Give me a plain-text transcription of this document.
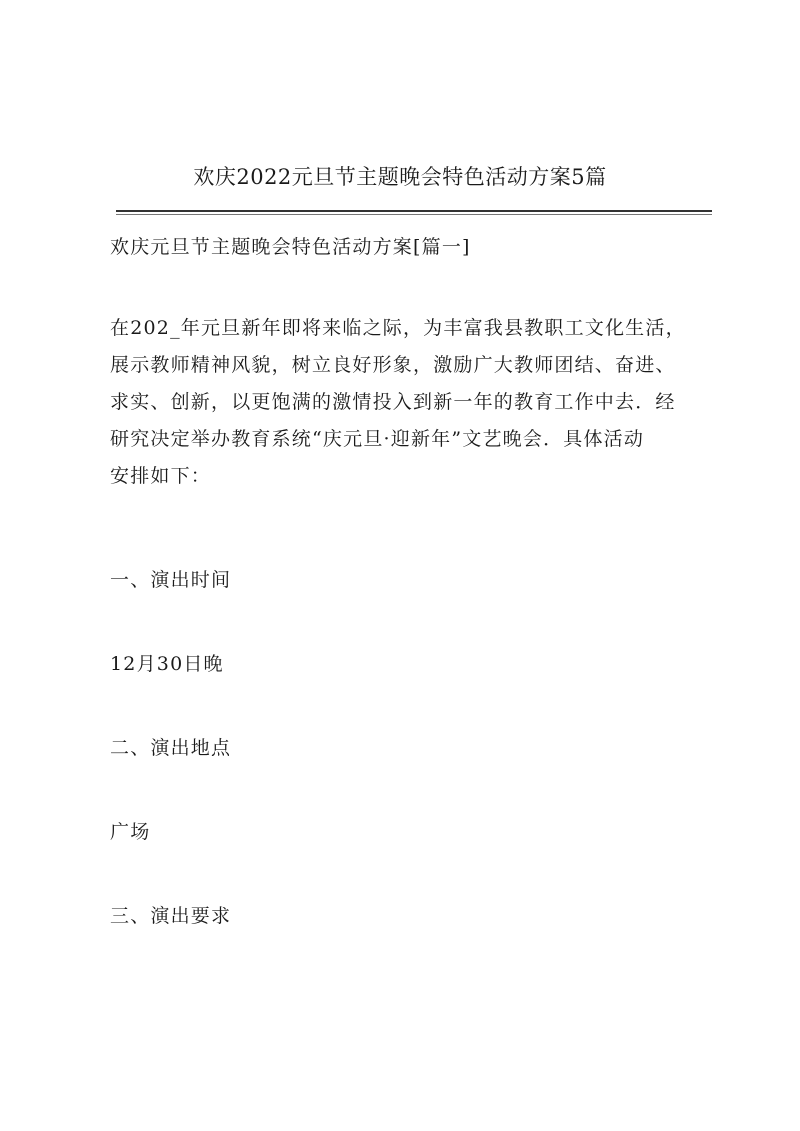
欢庆2022元旦节主题晚会特色活动方案5篇

欢庆元旦节主题晚会特色活动方案[篇一]

在202_年元旦新年即将来临之际，为丰富我县教职工文化生活，
展示教师精神风貌，树立良好形象，激励广大教师团结、奋进、
求实、创新，以更饱满的激情投入到新一年的教育工作中去．经
研究决定举办教育系统“庆元旦·迎新年”文艺晚会．具体活动
安排如下：

一、演出时间

12月30日晚

二、演出地点

广场

三、演出要求
